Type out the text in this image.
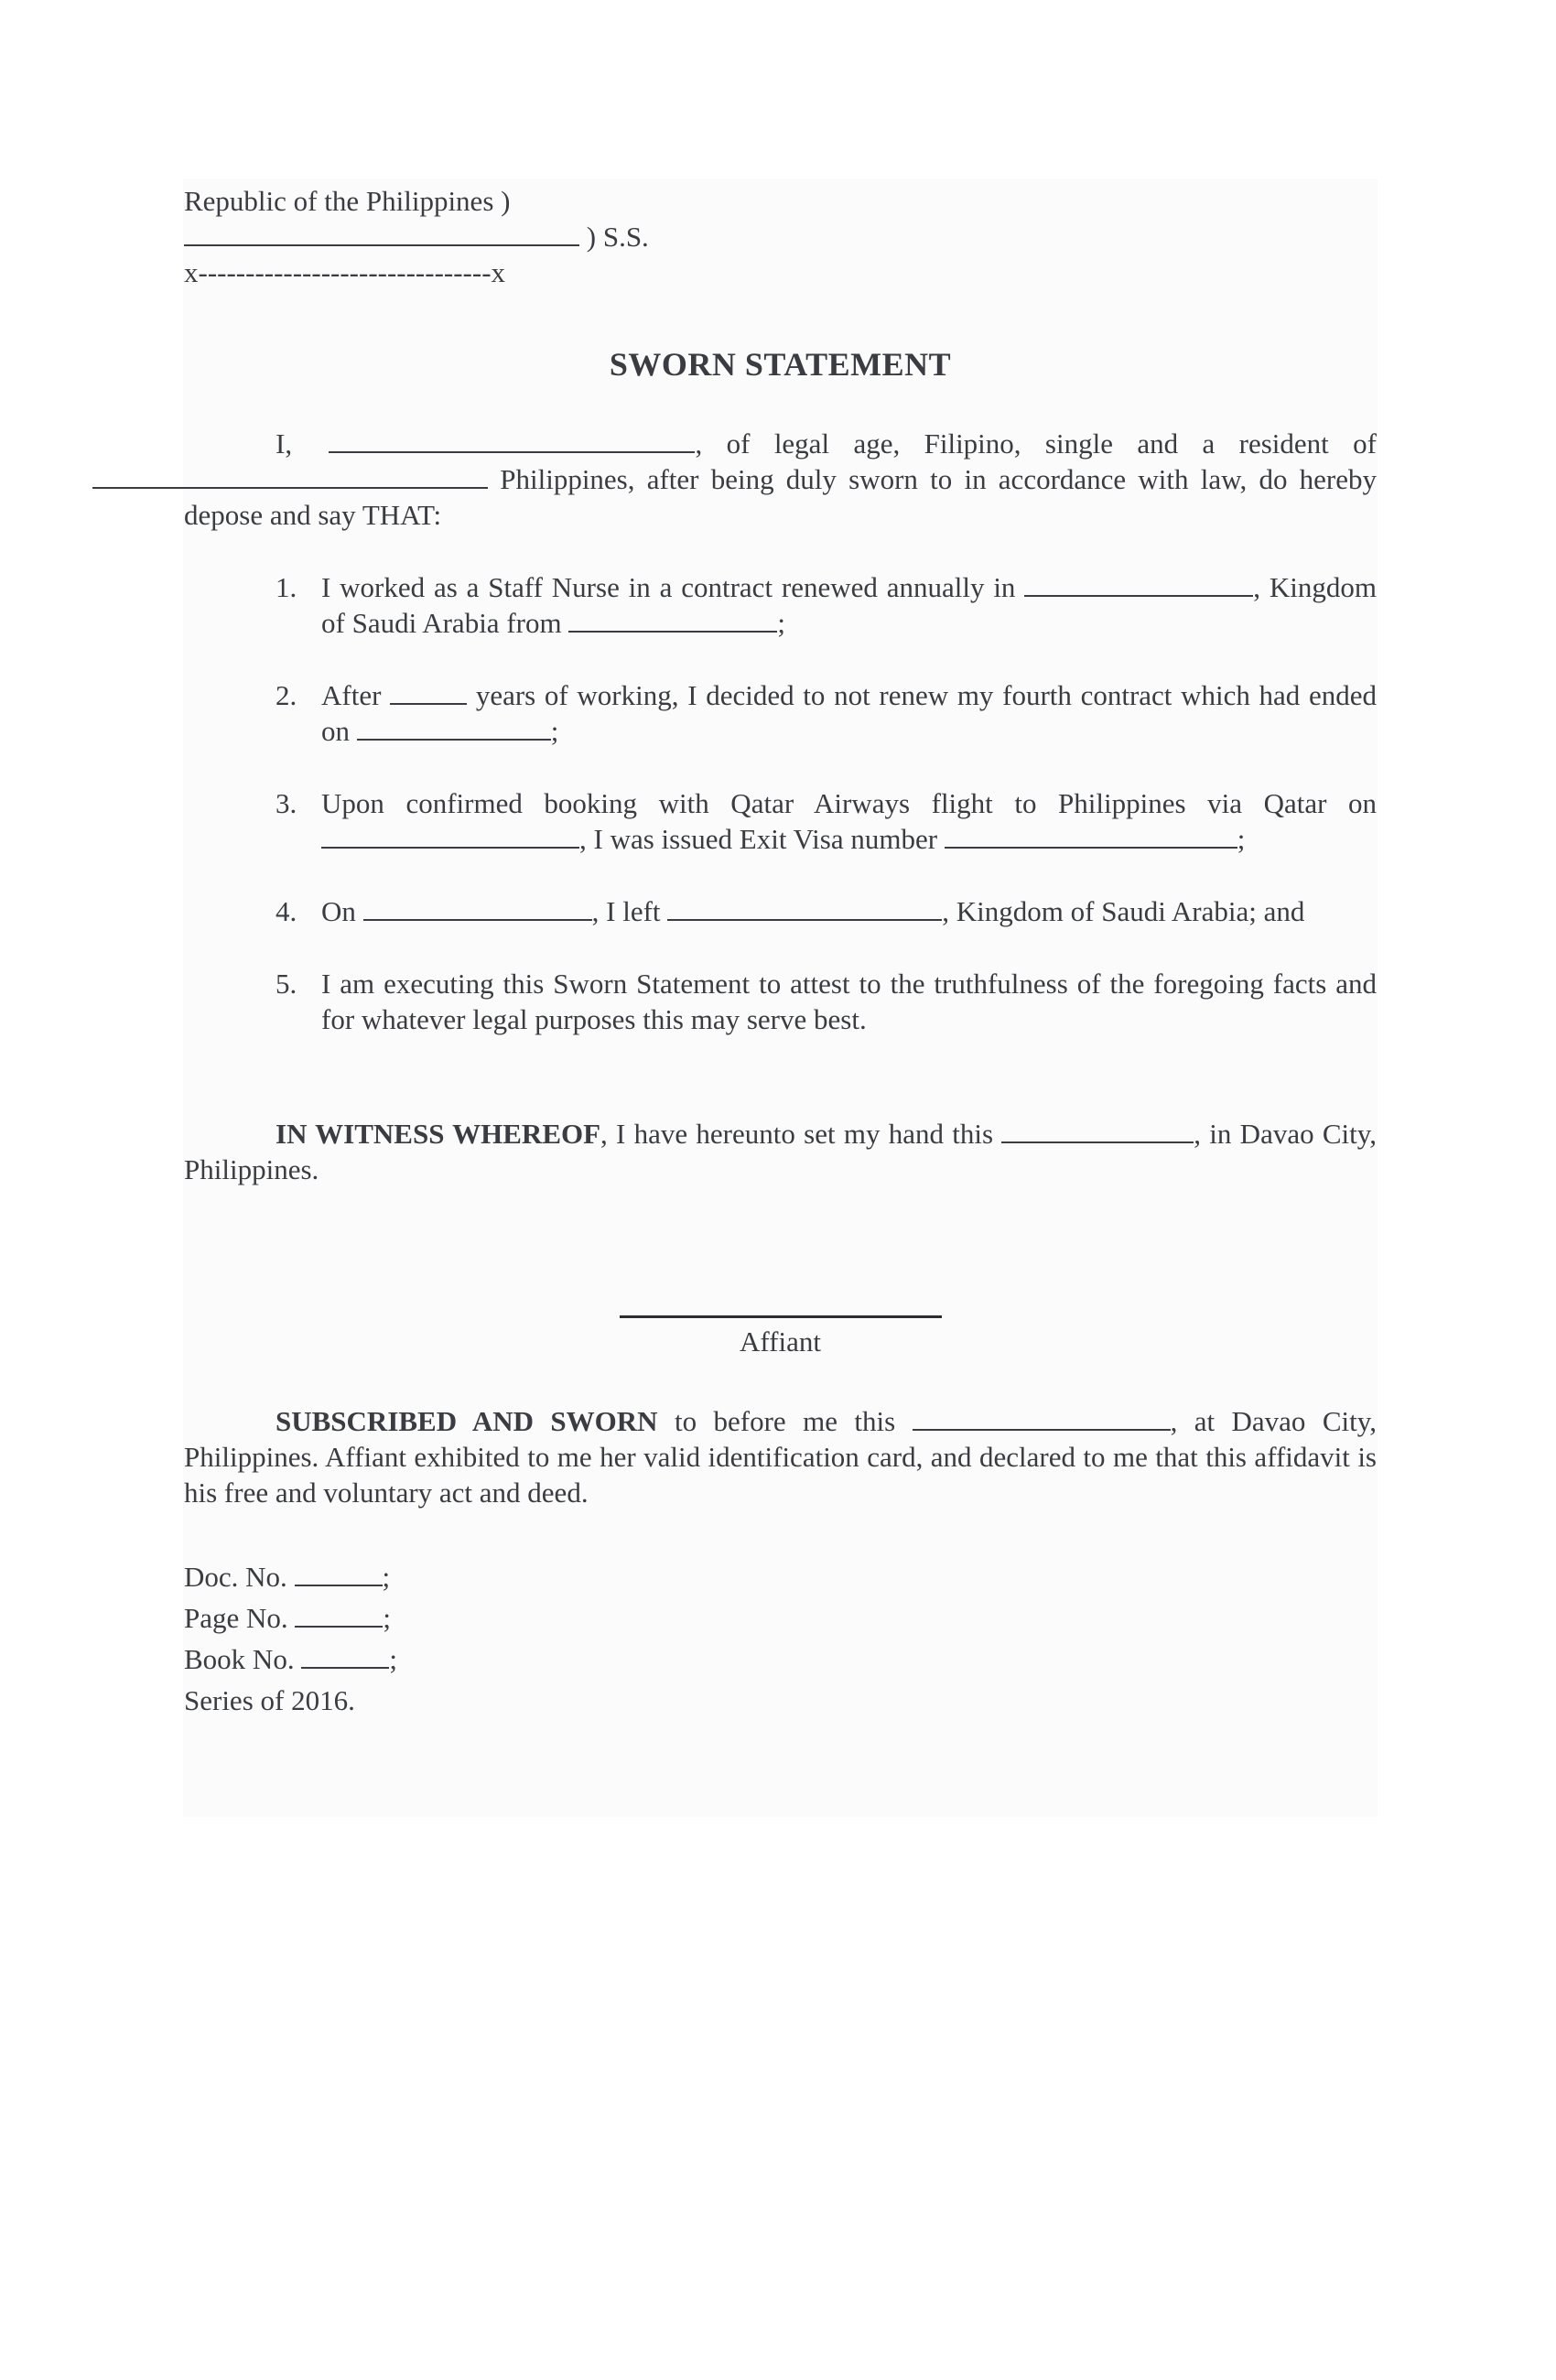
Republic of the Philippines )
) S.S.
x-------------------------------x
SWORN STATEMENT
I,	, of legal age, Filipino, single and a resident of  Philippines, after being duly sworn to in accordance with law, do hereby depose and say THAT:
1. I worked as a Staff Nurse in a contract renewed annually in	, Kingdom of Saudi Arabia from	;
2. After	years of working, I decided to not renew my fourth contract which had ended on	;
3. Upon confirmed booking with Qatar Airways flight to Philippines via Qatar on , I was issued Exit Visa number	;
4. On	, I left	, Kingdom of Saudi Arabia; and
5. I am executing this Sworn Statement to attest to the truthfulness of the foregoing facts and for whatever legal purposes this may serve best.
IN WITNESS WHEREOF, I have hereunto set my hand this	, in Davao City, Philippines.
Affiant
SUBSCRIBED AND SWORN to before me this	, at Davao City, Philippines. Affiant exhibited to me her valid identification card, and declared to me that this affidavit is his free and voluntary act and deed.
Doc. No.	;
Page No.	;
Book No.	;
Series of 2016.
